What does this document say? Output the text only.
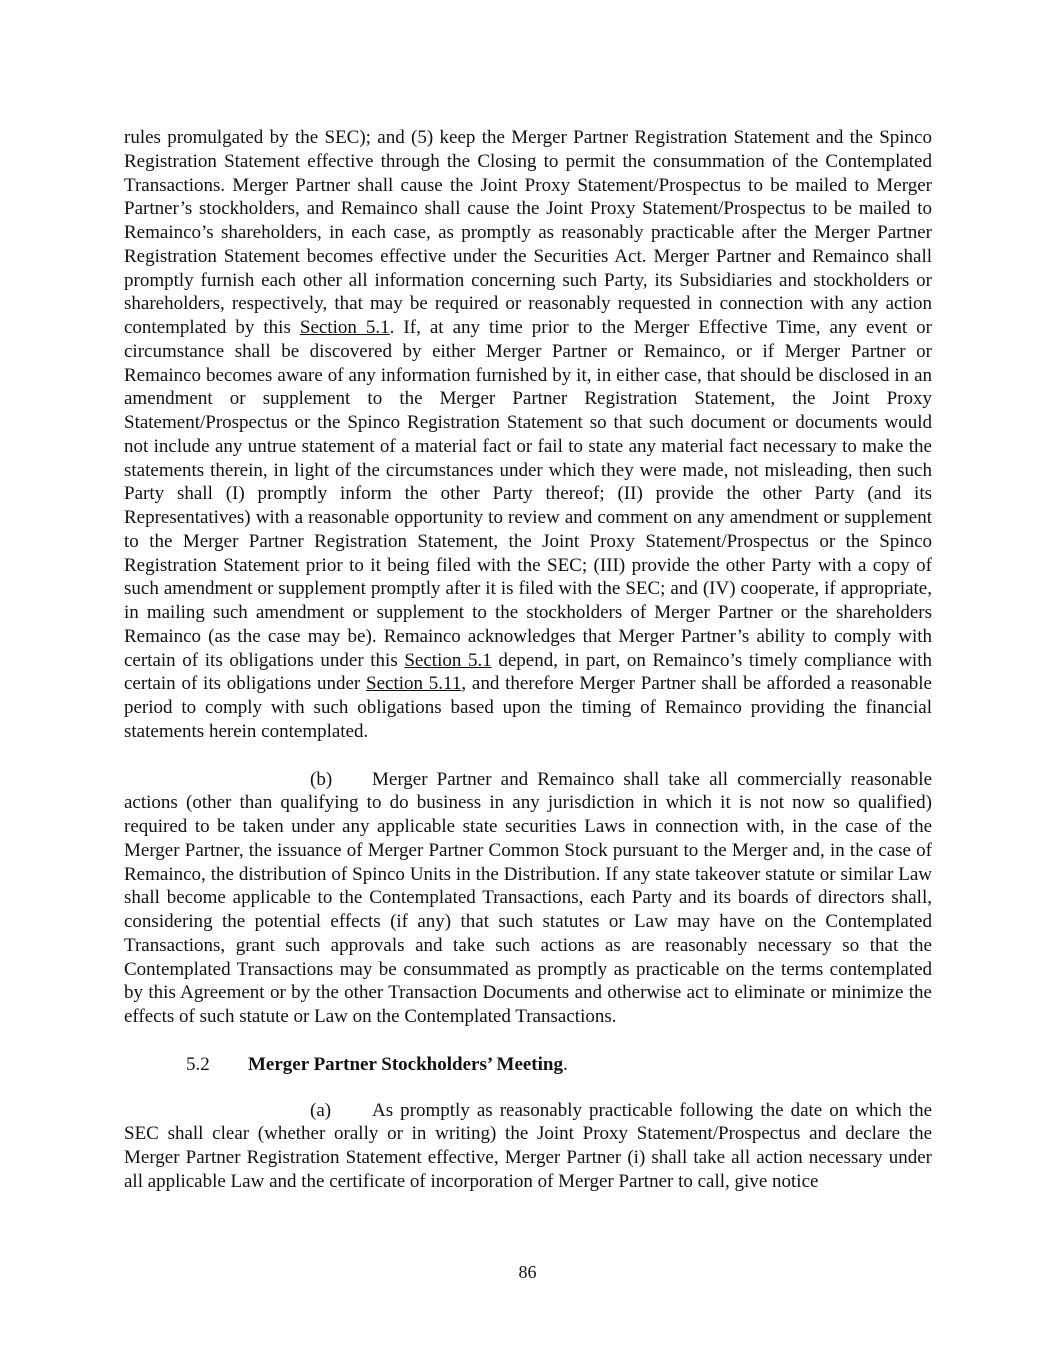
rules promulgated by the SEC); and (5) keep the Merger Partner Registration Statement and the Spinco Registration Statement effective through the Closing to permit the consummation of the Contemplated Transactions. Merger Partner shall cause the Joint Proxy Statement/Prospectus to be mailed to Merger Partner’s stockholders, and Remainco shall cause the Joint Proxy Statement/Prospectus to be mailed to Remainco’s shareholders, in each case, as promptly as reasonably practicable after the Merger Partner Registration Statement becomes effective under the Securities Act. Merger Partner and Remainco shall promptly furnish each other all information concerning such Party, its Subsidiaries and stockholders or shareholders, respectively, that may be required or reasonably requested in connection with any action contemplated by this Section 5.1. If, at any time prior to the Merger Effective Time, any event or circumstance shall be discovered by either Merger Partner or Remainco, or if Merger Partner or Remainco becomes aware of any information furnished by it, in either case, that should be disclosed in an amendment or supplement to the Merger Partner Registration Statement, the Joint Proxy Statement/Prospectus or the Spinco Registration Statement so that such document or documents would not include any untrue statement of a material fact or fail to state any material fact necessary to make the statements therein, in light of the circumstances under which they were made, not misleading, then such Party shall (I) promptly inform the other Party thereof; (II) provide the other Party (and its Representatives) with a reasonable opportunity to review and comment on any amendment or supplement to the Merger Partner Registration Statement, the Joint Proxy Statement/Prospectus or the Spinco Registration Statement prior to it being filed with the SEC; (III) provide the other Party with a copy of such amendment or supplement promptly after it is filed with the SEC; and (IV) cooperate, if appropriate, in mailing such amendment or supplement to the stockholders of Merger Partner or the shareholders Remainco (as the case may be). Remainco acknowledges that Merger Partner’s ability to comply with certain of its obligations under this Section 5.1 depend, in part, on Remainco’s timely compliance with certain of its obligations under Section 5.11, and therefore Merger Partner shall be afforded a reasonable period to comply with such obligations based upon the timing of Remainco providing the financial statements herein contemplated.

(b) Merger Partner and Remainco shall take all commercially reasonable actions (other than qualifying to do business in any jurisdiction in which it is not now so qualified) required to be taken under any applicable state securities Laws in connection with, in the case of the Merger Partner, the issuance of Merger Partner Common Stock pursuant to the Merger and, in the case of Remainco, the distribution of Spinco Units in the Distribution. If any state takeover statute or similar Law shall become applicable to the Contemplated Transactions, each Party and its boards of directors shall, considering the potential effects (if any) that such statutes or Law may have on the Contemplated Transactions, grant such approvals and take such actions as are reasonably necessary so that the Contemplated Transactions may be consummated as promptly as practicable on the terms contemplated by this Agreement or by the other Transaction Documents and otherwise act to eliminate or minimize the effects of such statute or Law on the Contemplated Transactions.

5.2 Merger Partner Stockholders’ Meeting.

(a) As promptly as reasonably practicable following the date on which the SEC shall clear (whether orally or in writing) the Joint Proxy Statement/Prospectus and declare the Merger Partner Registration Statement effective, Merger Partner (i) shall take all action necessary under all applicable Law and the certificate of incorporation of Merger Partner to call, give notice

86
